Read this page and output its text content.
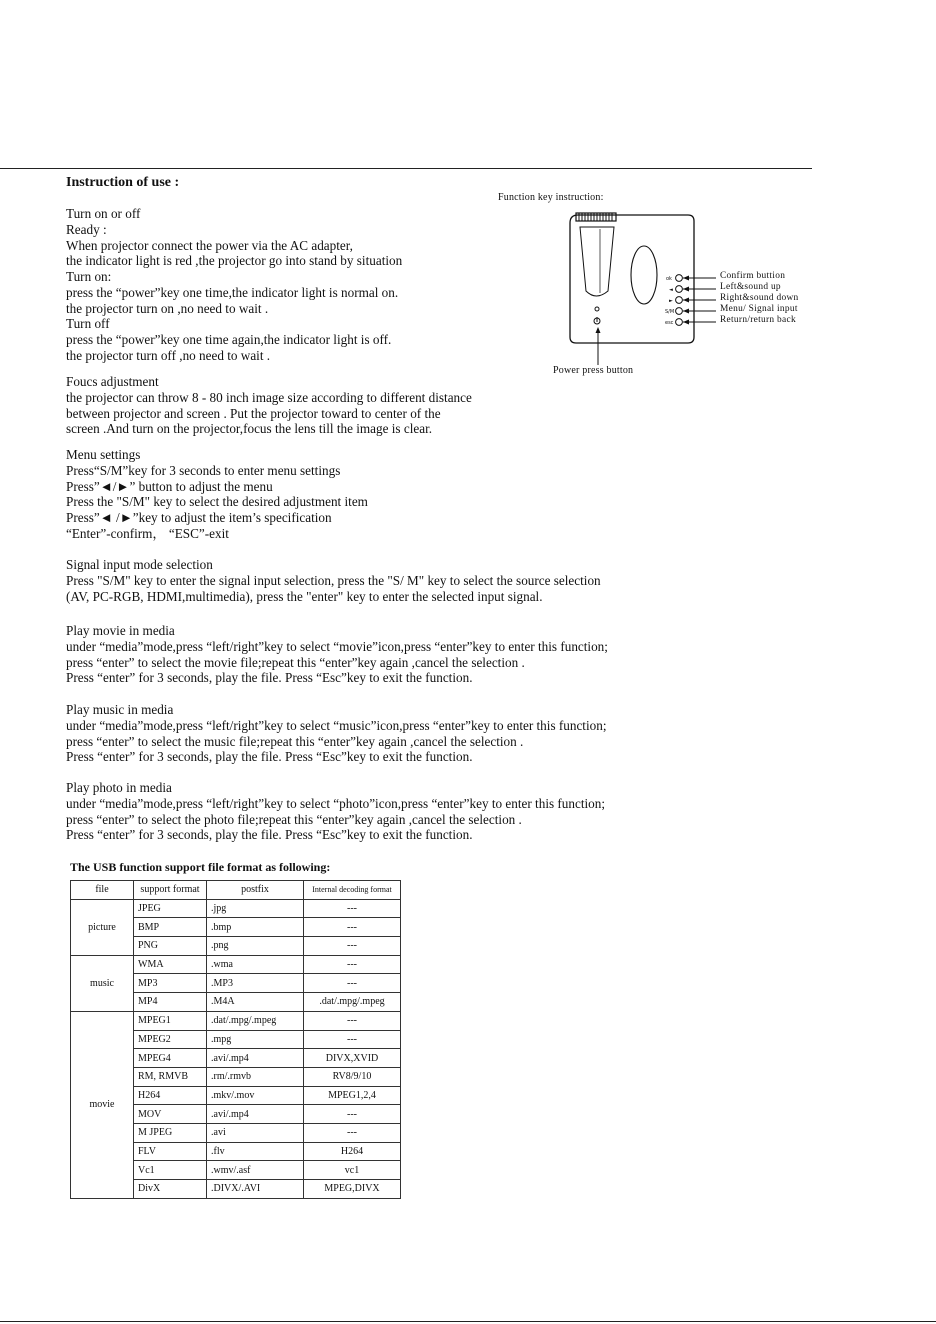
Instruction of use :
Turn on or off
Ready :
When projector connect the power via the AC adapter,
the indicator light is red ,the projector go into stand by situation
Turn on:
press the “power”key one time,the indicator light is normal on.
the projector turn on ,no need to wait .
Turn off
press the “power”key one time again,the indicator light is off.
the projector turn off ,no need to wait .
Foucs adjustment
the projector can throw 8 - 80 inch image size according to different distance
between projector and screen . Put the projector toward to center of the
screen .And turn on the projector,focus the lens till the image is clear.
Menu settings
Press“S/M”key for 3 seconds to enter menu settings
Press”◄/►” button to adjust the menu
Press the "S/M" key to select the desired adjustment item
Press”◄ /►”key to adjust the item’s specification
“Enter”-confirm， “ESC”-exit
Signal input mode selection
Press "S/M" key to enter the signal input selection, press the "S/ M" key to select the source selection
(AV, PC-RGB, HDMI,multimedia), press the "enter" key to enter the selected input signal.
Play movie in media
under “media”mode,press “left/right”key to select “movie”icon,press “enter”key to enter this function;
press “enter” to select the movie file;repeat this “enter”key again ,cancel the selection .
Press “enter” for 3 seconds, play the file. Press “Esc”key to exit the function.
Play music in media
under “media”mode,press “left/right”key to select “music”icon,press “enter”key to enter this function;
press “enter” to select the music file;repeat this “enter”key again ,cancel the selection .
Press “enter” for 3 seconds, play the file. Press “Esc”key to exit the function.
Play photo in media
under “media”mode,press “left/right”key to select “photo”icon,press “enter”key to enter this function;
press “enter” to select the photo file;repeat this “enter”key again ,cancel the selection .
Press “enter” for 3 seconds, play the file. Press “Esc”key to exit the function.
Function key instruction:
ok
◄
►
S/M
esc
Confirm buttion
Left&sound up
Right&sound down
Menu/ Signal input
Return/return back
Power press button
The USB function support file format as following:
file	support format	postfix	Internal decoding format
picture	JPEG	.jpg	---
	BMP	.bmp	---
	PNG	.png	---
music	WMA	.wma	---
	MP3	.MP3	---
	MP4	.M4A	.dat/.mpg/.mpeg
movie	MPEG1	.dat/.mpg/.mpeg	---
	MPEG2	.mpg	---
	MPEG4	.avi/.mp4	DIVX,XVID
	RM, RMVB	.rm/.rmvb	RV8/9/10
	H264	.mkv/.mov	MPEG1,2,4
	MOV	.avi/.mp4	---
	M JPEG	.avi	---
	FLV	.flv	H264
	Vc1	.wmv/.asf	vc1
	DivX	.DIVX/.AVI	MPEG,DIVX
